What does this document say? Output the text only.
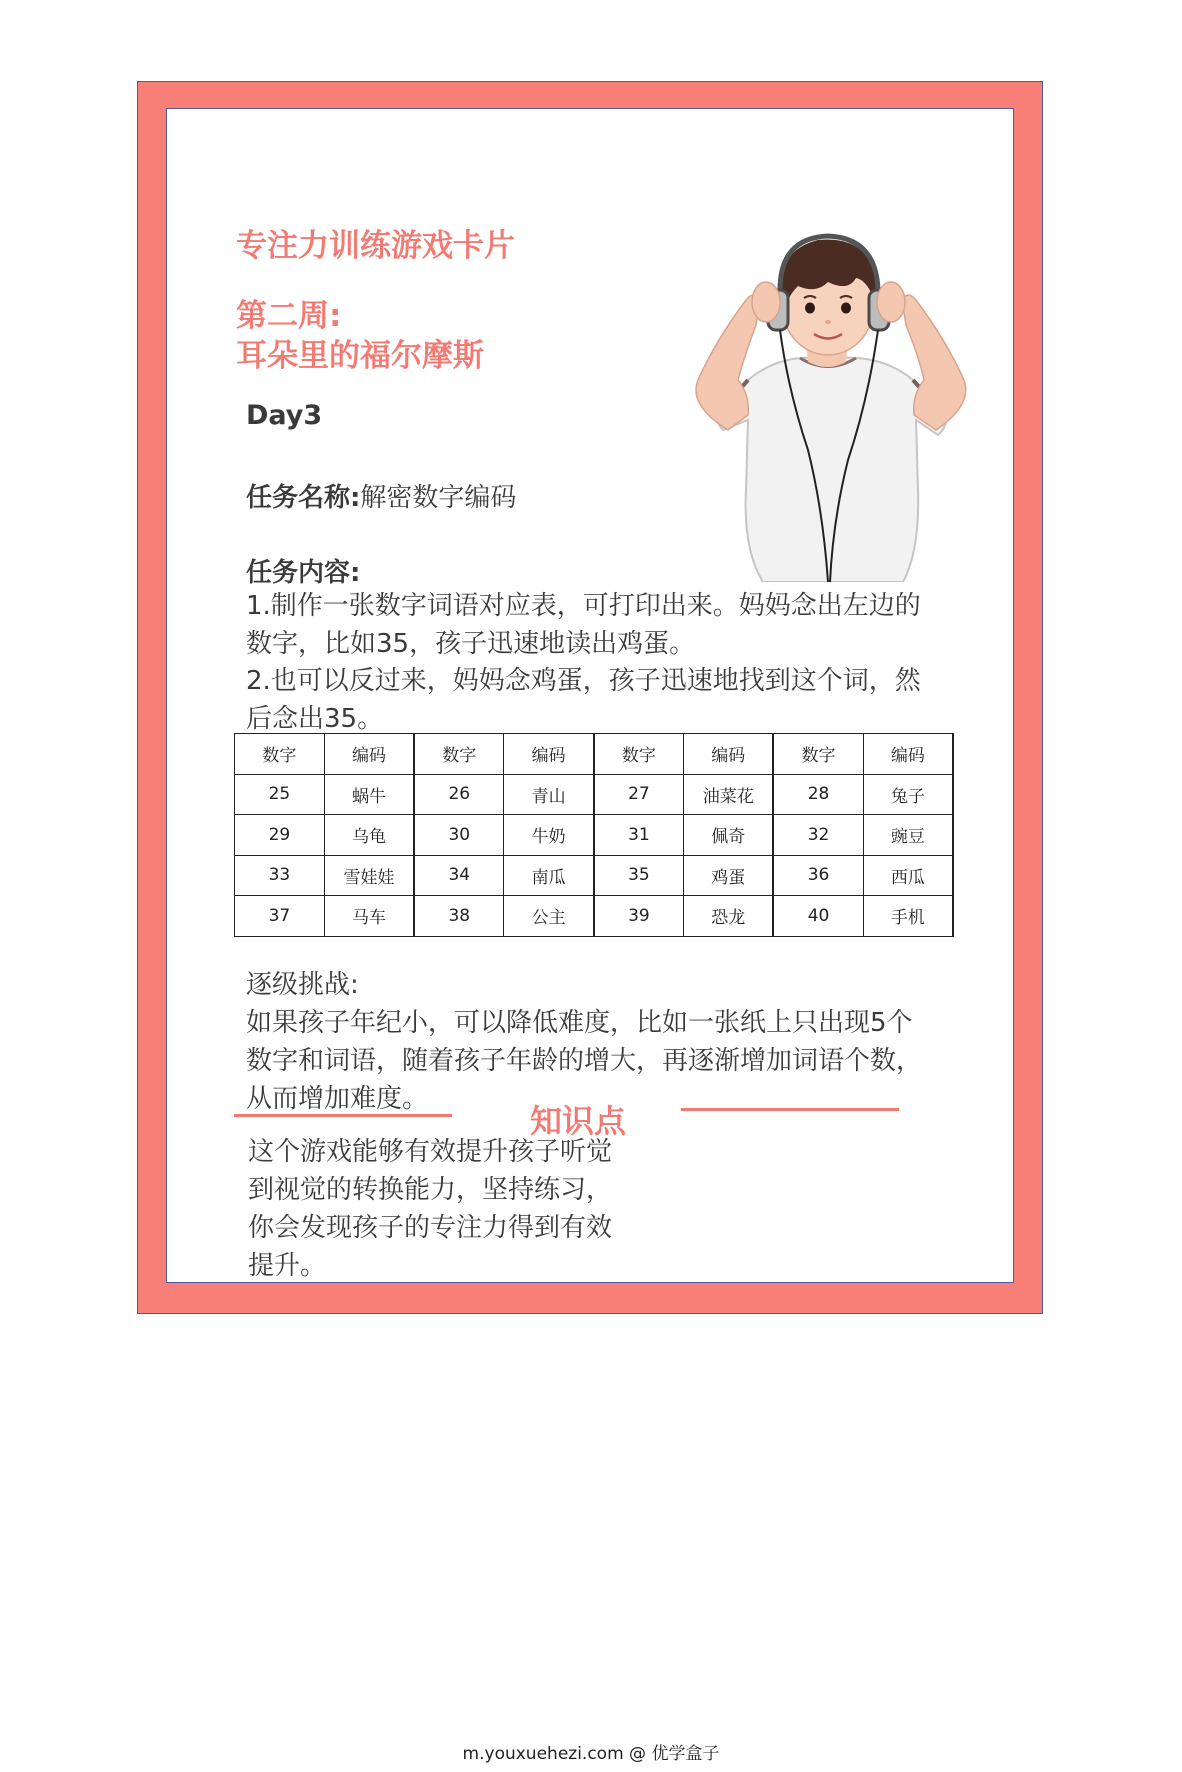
专注力训练游戏卡片
第二周:
耳朵里的福尔摩斯
Day3
任务名称:解密数字编码
任务内容:

1.制作一张数字词语对应表，可打印出来。妈妈念出左边的

数字，比如35，孩子迅速地读出鸡蛋。

2.也可以反过来，妈妈念鸡蛋，孩子迅速地找到这个词，然

后念出35。

数字	编码	数字	编码	数字	编码	数字	编码
25	蜗牛	26	青山	27	油菜花	28	兔子
29	乌龟	30	牛奶	31	佩奇	32	豌豆
33	雪娃娃	34	南瓜	35	鸡蛋	36	西瓜
37	马车	38	公主	39	恐龙	40	手机

逐级挑战:

如果孩子年纪小，可以降低难度，比如一张纸上只出现5个

数字和词语，随着孩子年龄的增大，再逐渐增加词语个数，

从而增加难度。

知识点

这个游戏能够有效提升孩子听觉

到视觉的转换能力，坚持练习，

你会发现孩子的专注力得到有效

提升。

m.youxuehezi.com @ 优学盒子
